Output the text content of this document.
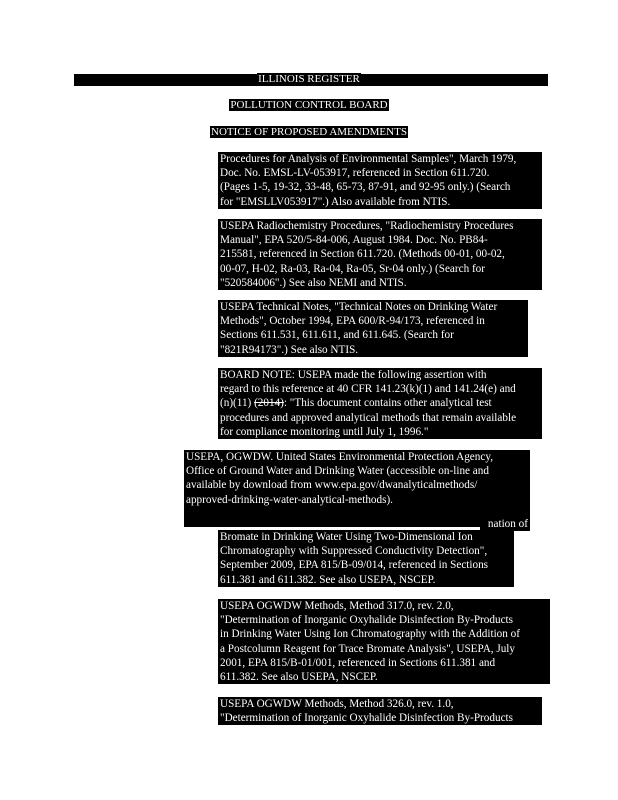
ILLINOIS REGISTER
POLLUTION CONTROL BOARD
NOTICE OF PROPOSED AMENDMENTS
Procedures for Analysis of Environmental Samples", March 1979,
Doc. No. EMSL-LV-053917, referenced in Section 611.720.
(Pages 1-5, 19-32, 33-48, 65-73, 87-91, and 92-95 only.) (Search
for "EMSLLV053917".) Also available from NTIS.
USEPA Radiochemistry Procedures, "Radiochemistry Procedures
Manual", EPA 520/5-84-006, August 1984. Doc. No. PB84-
215581, referenced in Section 611.720. (Methods 00-01, 00-02,
00-07, H-02, Ra-03, Ra-04, Ra-05, Sr-04 only.) (Search for
"520584006".) See also NEMI and NTIS.
USEPA Technical Notes, "Technical Notes on Drinking Water
Methods", October 1994, EPA 600/R-94/173, referenced in
Sections 611.531, 611.611, and 611.645. (Search for
"821R94173".) See also NTIS.
BOARD NOTE: USEPA made the following assertion with
regard to this reference at 40 CFR 141.23(k)(1) and 141.24(e) and
(n)(11) (2014): "This document contains other analytical test
procedures and approved analytical methods that remain available
for compliance monitoring until July 1, 1996."
USEPA, OGWDW. United States Environmental Protection Agency,
Office of Ground Water and Drinking Water (accessible on-line and
available by download from www.epa.gov/dwanalyticalmethods/
approved-drinking-water-analytical-methods).
nation of
Bromate in Drinking Water Using Two-Dimensional Ion
Chromatography with Suppressed Conductivity Detection",
September 2009, EPA 815/B-09/014, referenced in Sections
611.381 and 611.382. See also USEPA, NSCEP.
USEPA OGWDW Methods, Method 317.0, rev. 2.0,
"Determination of Inorganic Oxyhalide Disinfection By-Products
in Drinking Water Using Ion Chromatography with the Addition of
a Postcolumn Reagent for Trace Bromate Analysis", USEPA, July
2001, EPA 815/B-01/001, referenced in Sections 611.381 and
611.382. See also USEPA, NSCEP.
USEPA OGWDW Methods, Method 326.0, rev. 1.0,
"Determination of Inorganic Oxyhalide Disinfection By-Products
